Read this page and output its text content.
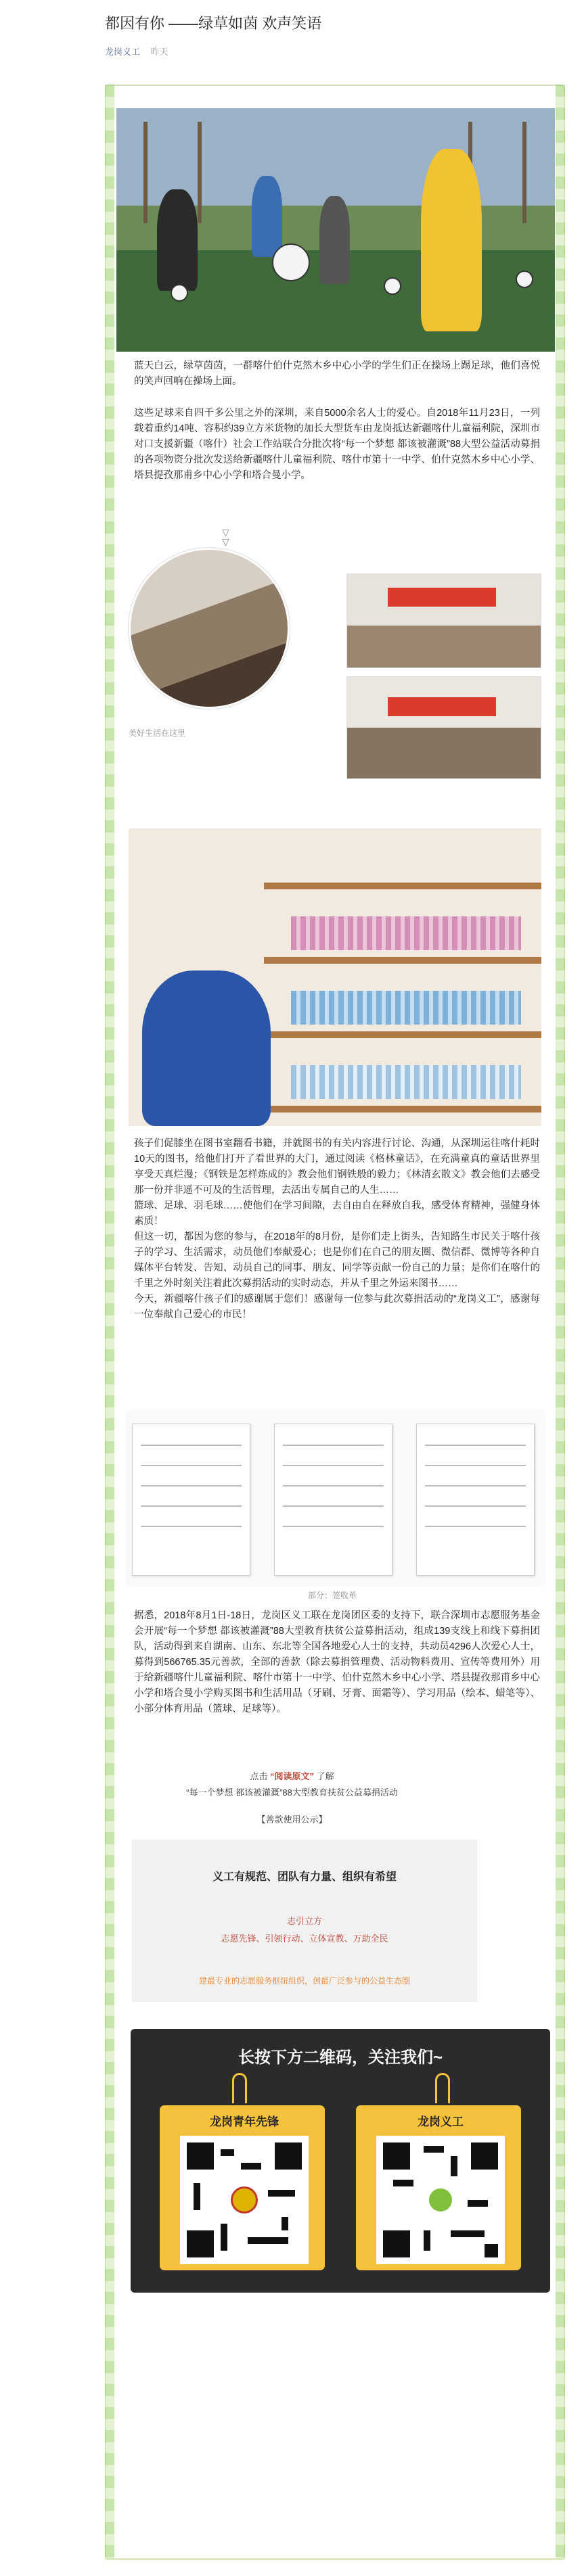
都因有你 ——绿草如茵 欢声笑语
龙岗义工 昨天
蓝天白云，绿草茵茵，一群喀什伯什克然木乡中心小学的学生们正在操场上踢足球，他们喜悦的笑声回响在操场上面。
这些足球来自四千多公里之外的深圳，来自5000余名人士的爱心。自2018年11月23日，一列载着重约14吨、容积约39立方米货物的加长大型货车由龙岗抵达新疆喀什儿童福利院，深圳市对口支援新疆（喀什）社会工作站联合分批次将“每一个梦想 都该被灌溉”88大型公益活动募捐的各项物资分批次发送给新疆喀什儿童福利院、喀什市第十一中学、伯什克然木乡中心小学、塔县提孜那甫乡中心小学和塔合曼小学。
▽
▽
美好生活在这里

孩子们促膝坐在图书室翻看书籍，并就图书的有关内容进行讨论、沟通，从深圳运往喀什耗时10天的图书，给他们打开了看世界的大门，通过阅读《格林童话》，在充满童真的童话世界里享受天真烂漫；《钢铁是怎样炼成的》教会他们钢铁般的毅力；《林清玄散文》教会他们去感受那一份并非遥不可及的生活哲理，去活出专属自己的人生……

篮球、足球、羽毛球……使他们在学习间隙，去自由自在释放自我，感受体育精神，强健身体素质！

但这一切，都因为您的参与，在2018年的8月份，是你们走上街头，告知路生市民关于喀什孩子的学习、生活需求，动员他们奉献爱心；也是你们在自己的朋友圈、微信群、微博等各种自媒体平台转发、告知、动员自己的同事、朋友、同学等贡献一份自己的力量；是你们在喀什的千里之外时刻关注着此次募捐活动的实时动态，并从千里之外运来图书……

今天，新疆喀什孩子们的感谢属于您们！感谢每一位参与此次募捐活动的“龙岗义工”，感谢每一位奉献自己爱心的市民！

部分：签收单
据悉，2018年8月1日-18日，龙岗区义工联在龙岗团区委的支持下，联合深圳市志愿服务基金会开展“每一个梦想 都该被灌溉”88大型教育扶贫公益募捐活动，组成139支线上和线下募捐团队，活动得到来自湖南、山东、东北等全国各地爱心人士的支持，共动员4296人次爱心人士，募得到566765.35元善款，全部的善款（除去募捐管理费、活动物料费用、宣传等费用外）用于给新疆喀什儿童福利院、喀什市第十一中学、伯什克然木乡中心小学、塔县提孜那甫乡中心小学和塔合曼小学购买图书和生活用品（牙刷、牙膏、面霜等）、学习用品（绘本、蜡笔等）、小部分体育用品（篮球、足球等）。
点击 “阅读原文” 了解
“每一个梦想 都该被灌溉”88大型教育扶贫公益募捐活动
【善款使用公示】
义工有规范、团队有力量、组织有希望
志引立方
志愿先锋、引领行动、立体宣教、万助全民
建最专业的志愿服务枢纽组织，创最广泛参与的公益生态圈
长按下方二维码，关注我们~
龙岗青年先锋	龙岗义工
